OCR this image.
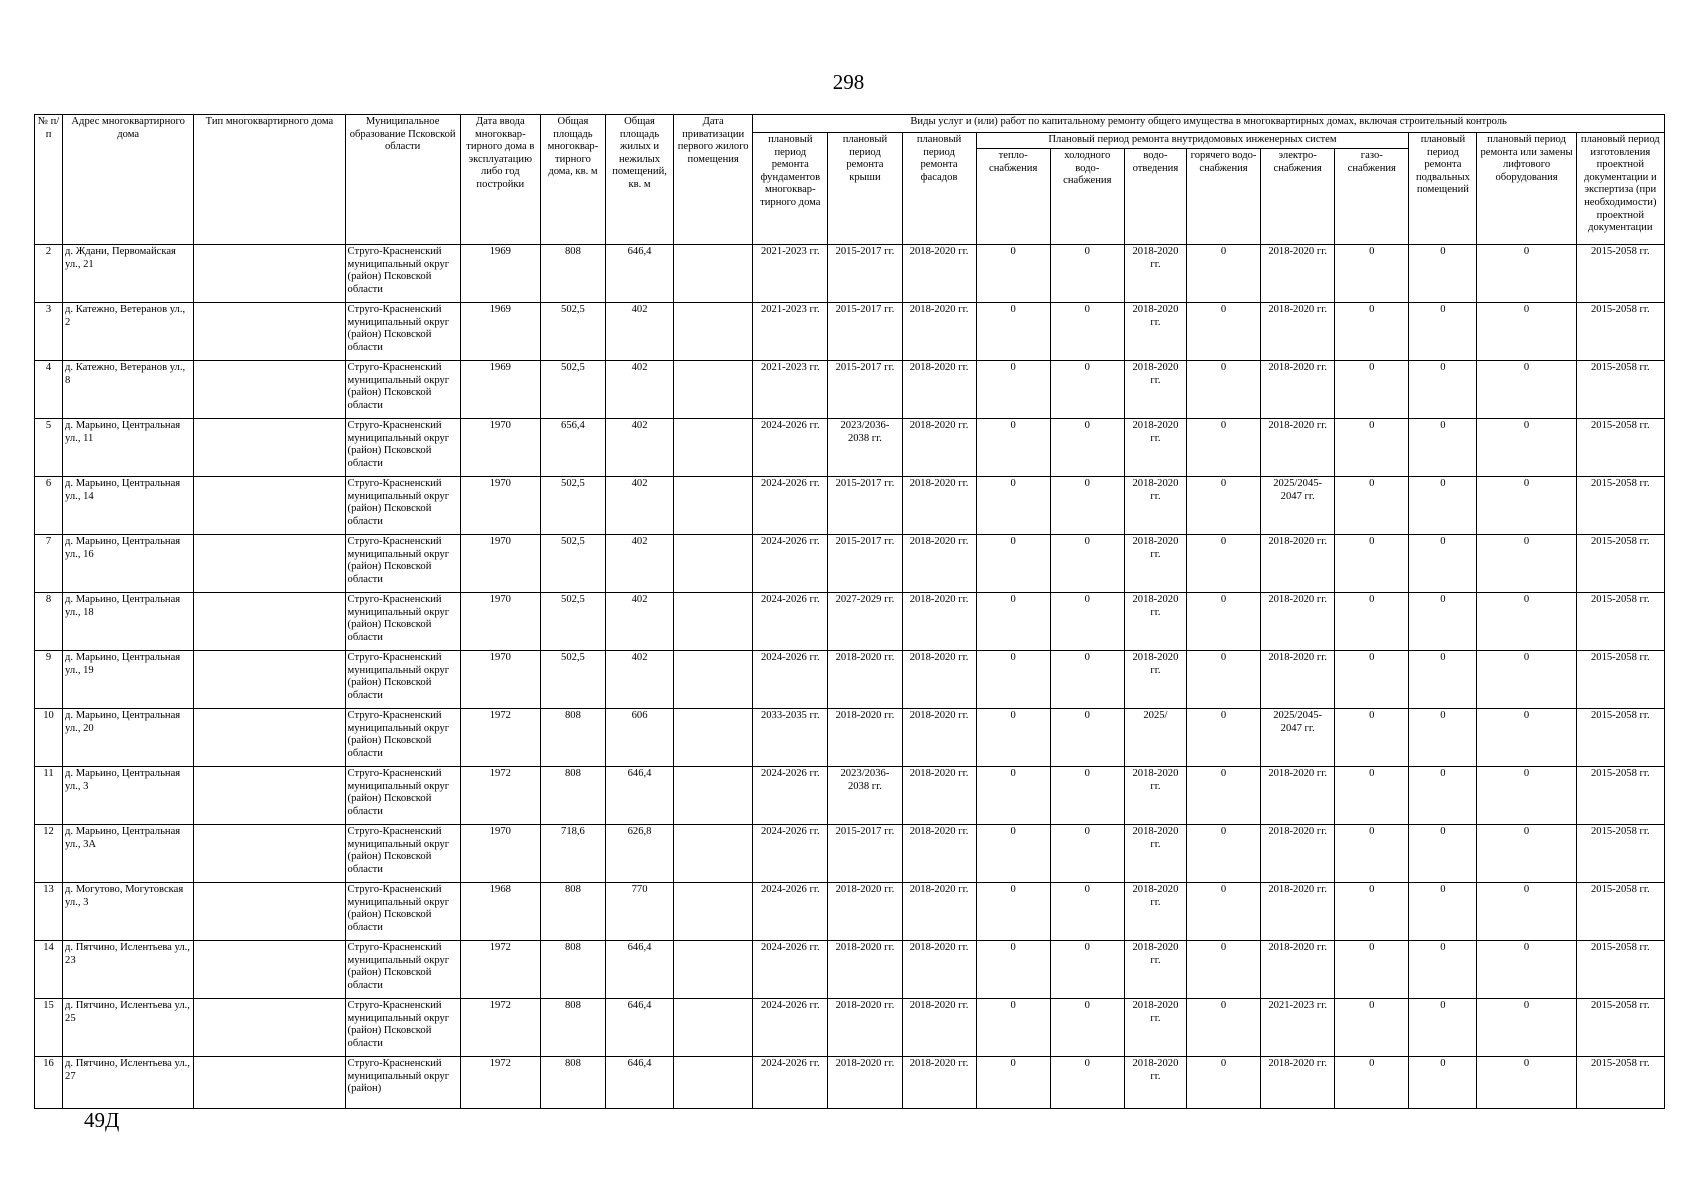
298
№ п/п	Адрес многоквартирного дома	Тип многоквартирного дома	Муниципальное образование Псковской области	Дата ввода многоквар-тирного дома в эксплуатацию либо год постройки	Общая площадь многоквар-тирного дома, кв. м	Общая площадь жилых и нежилых помещений, кв. м	Дата приватизации первого жилого помещения	Виды услуг и (или) работ по капитальному ремонту общего имущества в многоквартирных домах, включая строительный контроль											
								плановый период ремонта фундаментов многоквар-тирного дома	плановый период ремонта крыши	плановый период ремонта фасадов	Плановый период ремонта внутридомовых инженерных систем						плановый период ремонта подвальных помещений	плановый период ремонта или замены лифтового оборудования	плановый период изготовления проектной документации и экспертиза (при необходимости) проектной документации
											тепло-снабжения	холодного водо-снабжения	водо-отведения	горячего водо-снабжения	электро-снабжения	газо-снабжения			
2	д. Ждани, Первомайская ул., 21		Струго-Красненский муниципальный округ (район) Псковской области	1969	808	646,4		2021-2023 гг.	2015-2017 гг.	2018-2020 гг.	0	0	2018-2020 гг.	0	2018-2020 гг.	0	0	0	2015-2058 гг.
3	д. Катежно, Ветеранов ул., 2		Струго-Красненский муниципальный округ (район) Псковской области	1969	502,5	402		2021-2023 гг.	2015-2017 гг.	2018-2020 гг.	0	0	2018-2020 гг.	0	2018-2020 гг.	0	0	0	2015-2058 гг.
4	д. Катежно, Ветеранов ул., 8		Струго-Красненский муниципальный округ (район) Псковской области	1969	502,5	402		2021-2023 гг.	2015-2017 гг.	2018-2020 гг.	0	0	2018-2020 гг.	0	2018-2020 гг.	0	0	0	2015-2058 гг.
5	д. Марьино, Центральная ул., 11		Струго-Красненский муниципальный округ (район) Псковской области	1970	656,4	402		2024-2026 гг.	2023/2036-2038 гг.	2018-2020 гг.	0	0	2018-2020 гг.	0	2018-2020 гг.	0	0	0	2015-2058 гг.
6	д. Марьино, Центральная ул., 14		Струго-Красненский муниципальный округ (район) Псковской области	1970	502,5	402		2024-2026 гг.	2015-2017 гг.	2018-2020 гг.	0	0	2018-2020 гг.	0	2025/2045-2047 гг.	0	0	0	2015-2058 гг.
7	д. Марьино, Центральная ул., 16		Струго-Красненский муниципальный округ (район) Псковской области	1970	502,5	402		2024-2026 гг.	2015-2017 гг.	2018-2020 гг.	0	0	2018-2020 гг.	0	2018-2020 гг.	0	0	0	2015-2058 гг.
8	д. Марьино, Центральная ул., 18		Струго-Красненский муниципальный округ (район) Псковской области	1970	502,5	402		2024-2026 гг.	2027-2029 гг.	2018-2020 гг.	0	0	2018-2020 гг.	0	2018-2020 гг.	0	0	0	2015-2058 гг.
9	д. Марьино, Центральная ул., 19		Струго-Красненский муниципальный округ (район) Псковской области	1970	502,5	402		2024-2026 гг.	2018-2020 гг.	2018-2020 гг.	0	0	2018-2020 гг.	0	2018-2020 гг.	0	0	0	2015-2058 гг.
10	д. Марьино, Центральная ул., 20		Струго-Красненский муниципальный округ (район) Псковской области	1972	808	606		2033-2035 гг.	2018-2020 гг.	2018-2020 гг.	0	0	2025/	0	2025/2045-2047 гг.	0	0	0	2015-2058 гг.
11	д. Марьино, Центральная ул., 3		Струго-Красненский муниципальный округ (район) Псковской области	1972	808	646,4		2024-2026 гг.	2023/2036-2038 гг.	2018-2020 гг.	0	0	2018-2020 гг.	0	2018-2020 гг.	0	0	0	2015-2058 гг.
12	д. Марьино, Центральная ул., 3А		Струго-Красненский муниципальный округ (район) Псковской области	1970	718,6	626,8		2024-2026 гг.	2015-2017 гг.	2018-2020 гг.	0	0	2018-2020 гг.	0	2018-2020 гг.	0	0	0	2015-2058 гг.
13	д. Могутово, Могутовская ул., 3		Струго-Красненский муниципальный округ (район) Псковской области	1968	808	770		2024-2026 гг.	2018-2020 гг.	2018-2020 гг.	0	0	2018-2020 гг.	0	2018-2020 гг.	0	0	0	2015-2058 гг.
14	д. Пятчино, Ислентьева ул., 23		Струго-Красненский муниципальный округ (район) Псковской области	1972	808	646,4		2024-2026 гг.	2018-2020 гг.	2018-2020 гг.	0	0	2018-2020 гг.	0	2018-2020 гг.	0	0	0	2015-2058 гг.
15	д. Пятчино, Ислентьева ул., 25		Струго-Красненский муниципальный округ (район) Псковской области	1972	808	646,4		2024-2026 гг.	2018-2020 гг.	2018-2020 гг.	0	0	2018-2020 гг.	0	2021-2023 гг.	0	0	0	2015-2058 гг.
16	д. Пятчино, Ислентьева ул., 27		Струго-Красненский муниципальный округ (район)	1972	808	646,4		2024-2026 гг.	2018-2020 гг.	2018-2020 гг.	0	0	2018-2020 гг.	0	2018-2020 гг.	0	0	0	2015-2058 гг.
49Д
